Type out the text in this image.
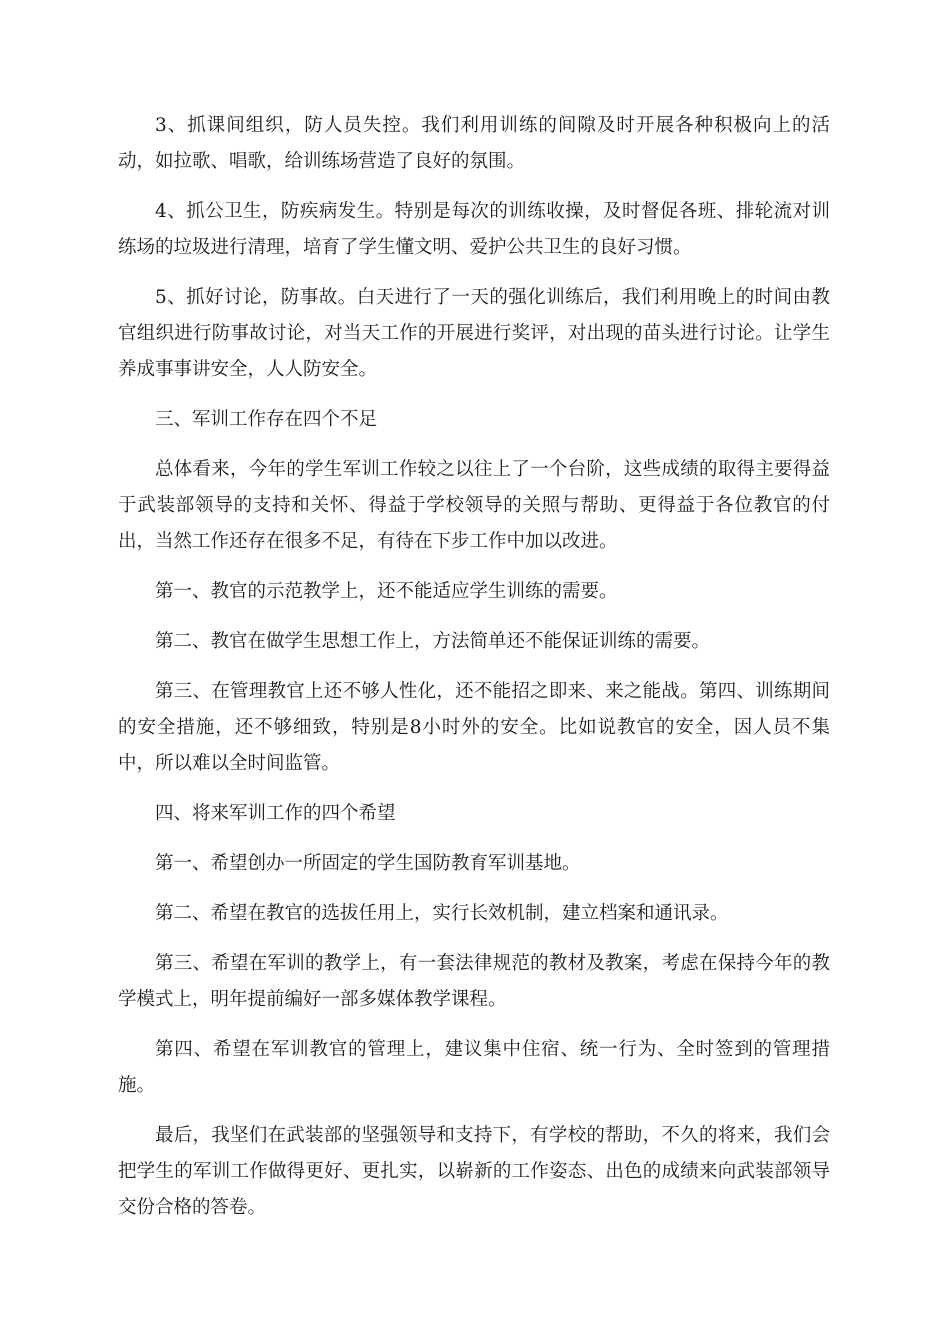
3、抓课间组织，防人员失控。我们利用训练的间隙及时开展各种积极向上的活动，如拉歌、唱歌，给训练场营造了良好的氛围。

4、抓公卫生，防疾病发生。特别是每次的训练收操，及时督促各班、排轮流对训练场的垃圾进行清理，培育了学生懂文明、爱护公共卫生的良好习惯。

5、抓好讨论，防事故。白天进行了一天的强化训练后，我们利用晚上的时间由教官组织进行防事故讨论，对当天工作的开展进行奖评，对出现的苗头进行讨论。让学生养成事事讲安全，人人防安全。

三、军训工作存在四个不足

总体看来，今年的学生军训工作较之以往上了一个台阶，这些成绩的取得主要得益于武装部领导的支持和关怀、得益于学校领导的关照与帮助、更得益于各位教官的付出，当然工作还存在很多不足，有待在下步工作中加以改进。

第一、教官的示范教学上，还不能适应学生训练的需要。

第二、教官在做学生思想工作上，方法简单还不能保证训练的需要。

第三、在管理教官上还不够人性化，还不能招之即来、来之能战。第四、训练期间的安全措施，还不够细致，特别是8小时外的安全。比如说教官的安全，因人员不集中，所以难以全时间监管。

四、将来军训工作的四个希望

第一、希望创办一所固定的学生国防教育军训基地。

第二、希望在教官的选拔任用上，实行长效机制，建立档案和通讯录。

第三、希望在军训的教学上，有一套法律规范的教材及教案，考虑在保持今年的教学模式上，明年提前编好一部多媒体教学课程。

第四、希望在军训教官的管理上，建议集中住宿、统一行为、全时签到的管理措施。

最后，我坚们在武装部的坚强领导和支持下，有学校的帮助，不久的将来，我们会把学生的军训工作做得更好、更扎实，以崭新的工作姿态、出色的成绩来向武装部领导交份合格的答卷。
